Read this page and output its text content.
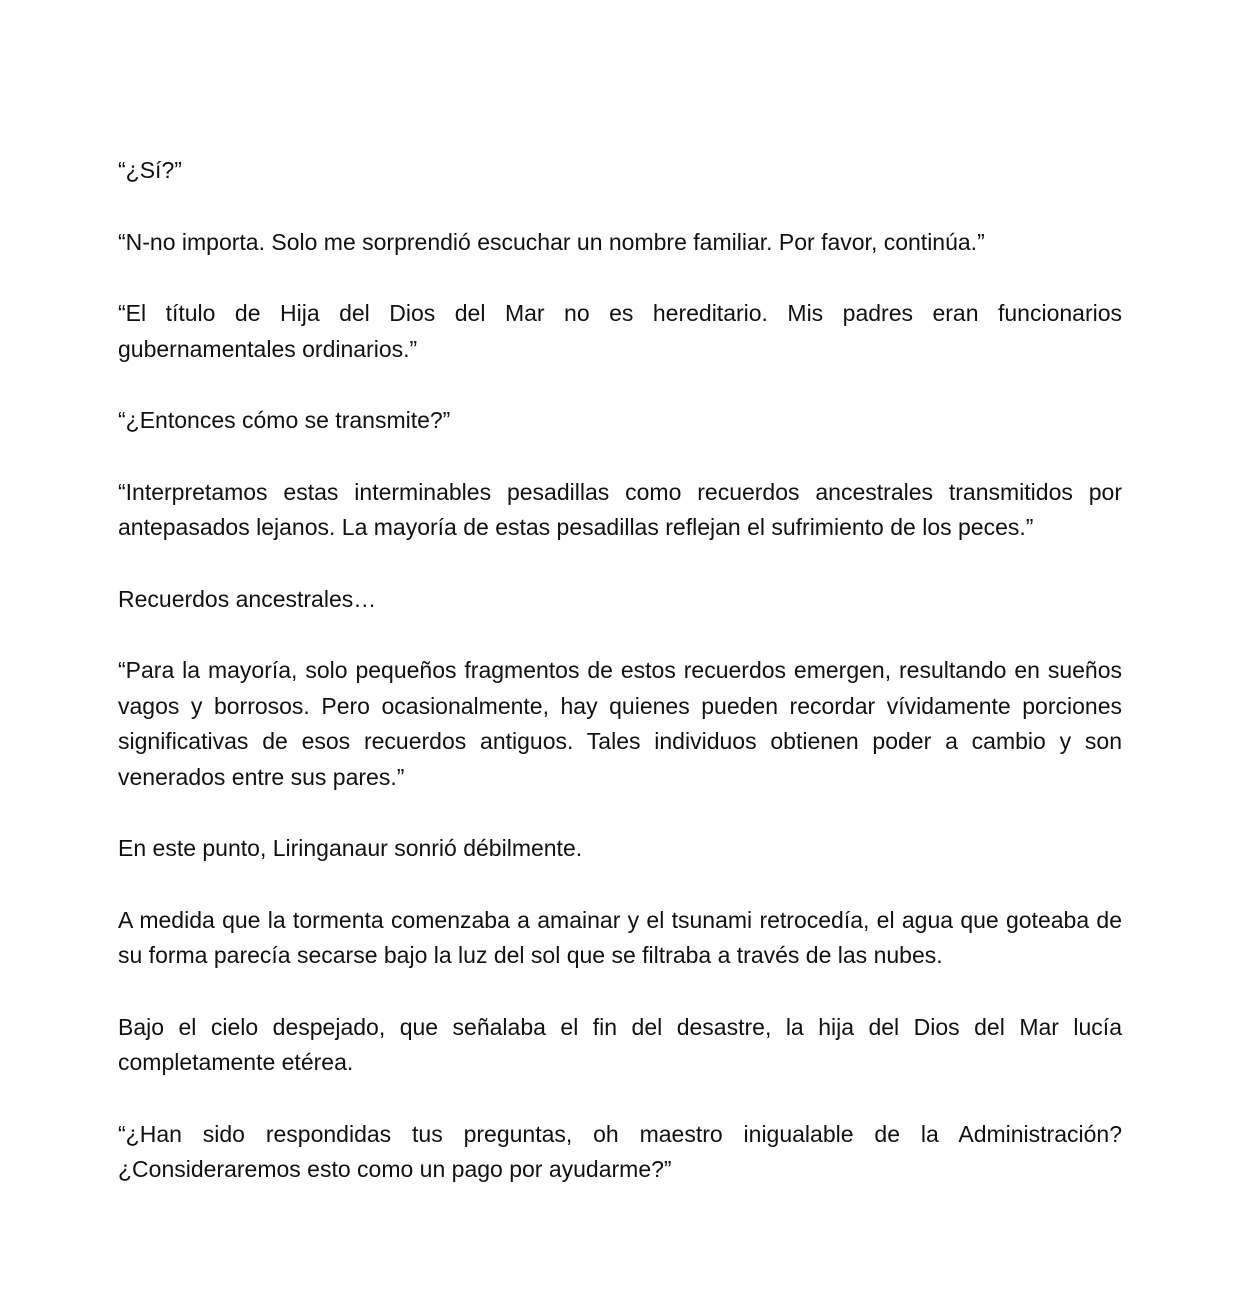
“¿Sí?”

“N-no importa. Solo me sorprendió escuchar un nombre familiar. Por favor, continúa.”

“El título de Hija del Dios del Mar no es hereditario. Mis padres eran funcionarios gubernamentales ordinarios.”

“¿Entonces cómo se transmite?”

“Interpretamos estas interminables pesadillas como recuerdos ancestrales transmitidos por antepasados lejanos. La mayoría de estas pesadillas reflejan el sufrimiento de los peces.”

Recuerdos ancestrales…

“Para la mayoría, solo pequeños fragmentos de estos recuerdos emergen, resultando en sueños vagos y borrosos. Pero ocasionalmente, hay quienes pueden recordar vívidamente porciones significativas de esos recuerdos antiguos. Tales individuos obtienen poder a cambio y son venerados entre sus pares.”

En este punto, Liringanaur sonrió débilmente.

A medida que la tormenta comenzaba a amainar y el tsunami retrocedía, el agua que goteaba de su forma parecía secarse bajo la luz del sol que se filtraba a través de las nubes.

Bajo el cielo despejado, que señalaba el fin del desastre, la hija del Dios del Mar lucía completamente etérea.

“¿Han sido respondidas tus preguntas, oh maestro inigualable de la Administración? ¿Consideraremos esto como un pago por ayudarme?”
